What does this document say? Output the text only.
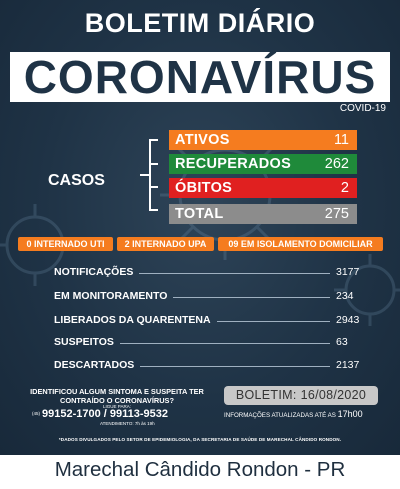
BOLETIM DIÁRIO
CORONAVÍRUS
COVID-19
CASOS
ATIVOS	11
RECUPERADOS 262
ÓBITOS	2
TOTAL	275
0 INTERNADO UTI	2 INTERNADO UPA	09 EM ISOLAMENTO DOMICILIAR
NOTIFICAÇÕES	3177
EM MONITORAMENTO	234
LIBERADOS DA QUARENTENA	2943
SUSPEITOS	63
DESCARTADOS	2137
IDENTIFICOU ALGUM SINTOMA E SUSPEITA TER CONTRAÍDO O CORONAVÍRUS?
LIGUE PARA:
(45) 99152-1700 / 99113-9532
ATENDIMENTO: 7h às 19h
BOLETIM: 16/08/2020
INFORMAÇÕES ATUALIZADAS ATÉ AS 17h00
*DADOS DIVULGADOS PELO SETOR DE EPIDEMIOLOGIA, DA SECRETARIA DE SAÚDE DE MARECHAL CÂNDIDO RONDON.
Marechal Cândido Rondon - PR
